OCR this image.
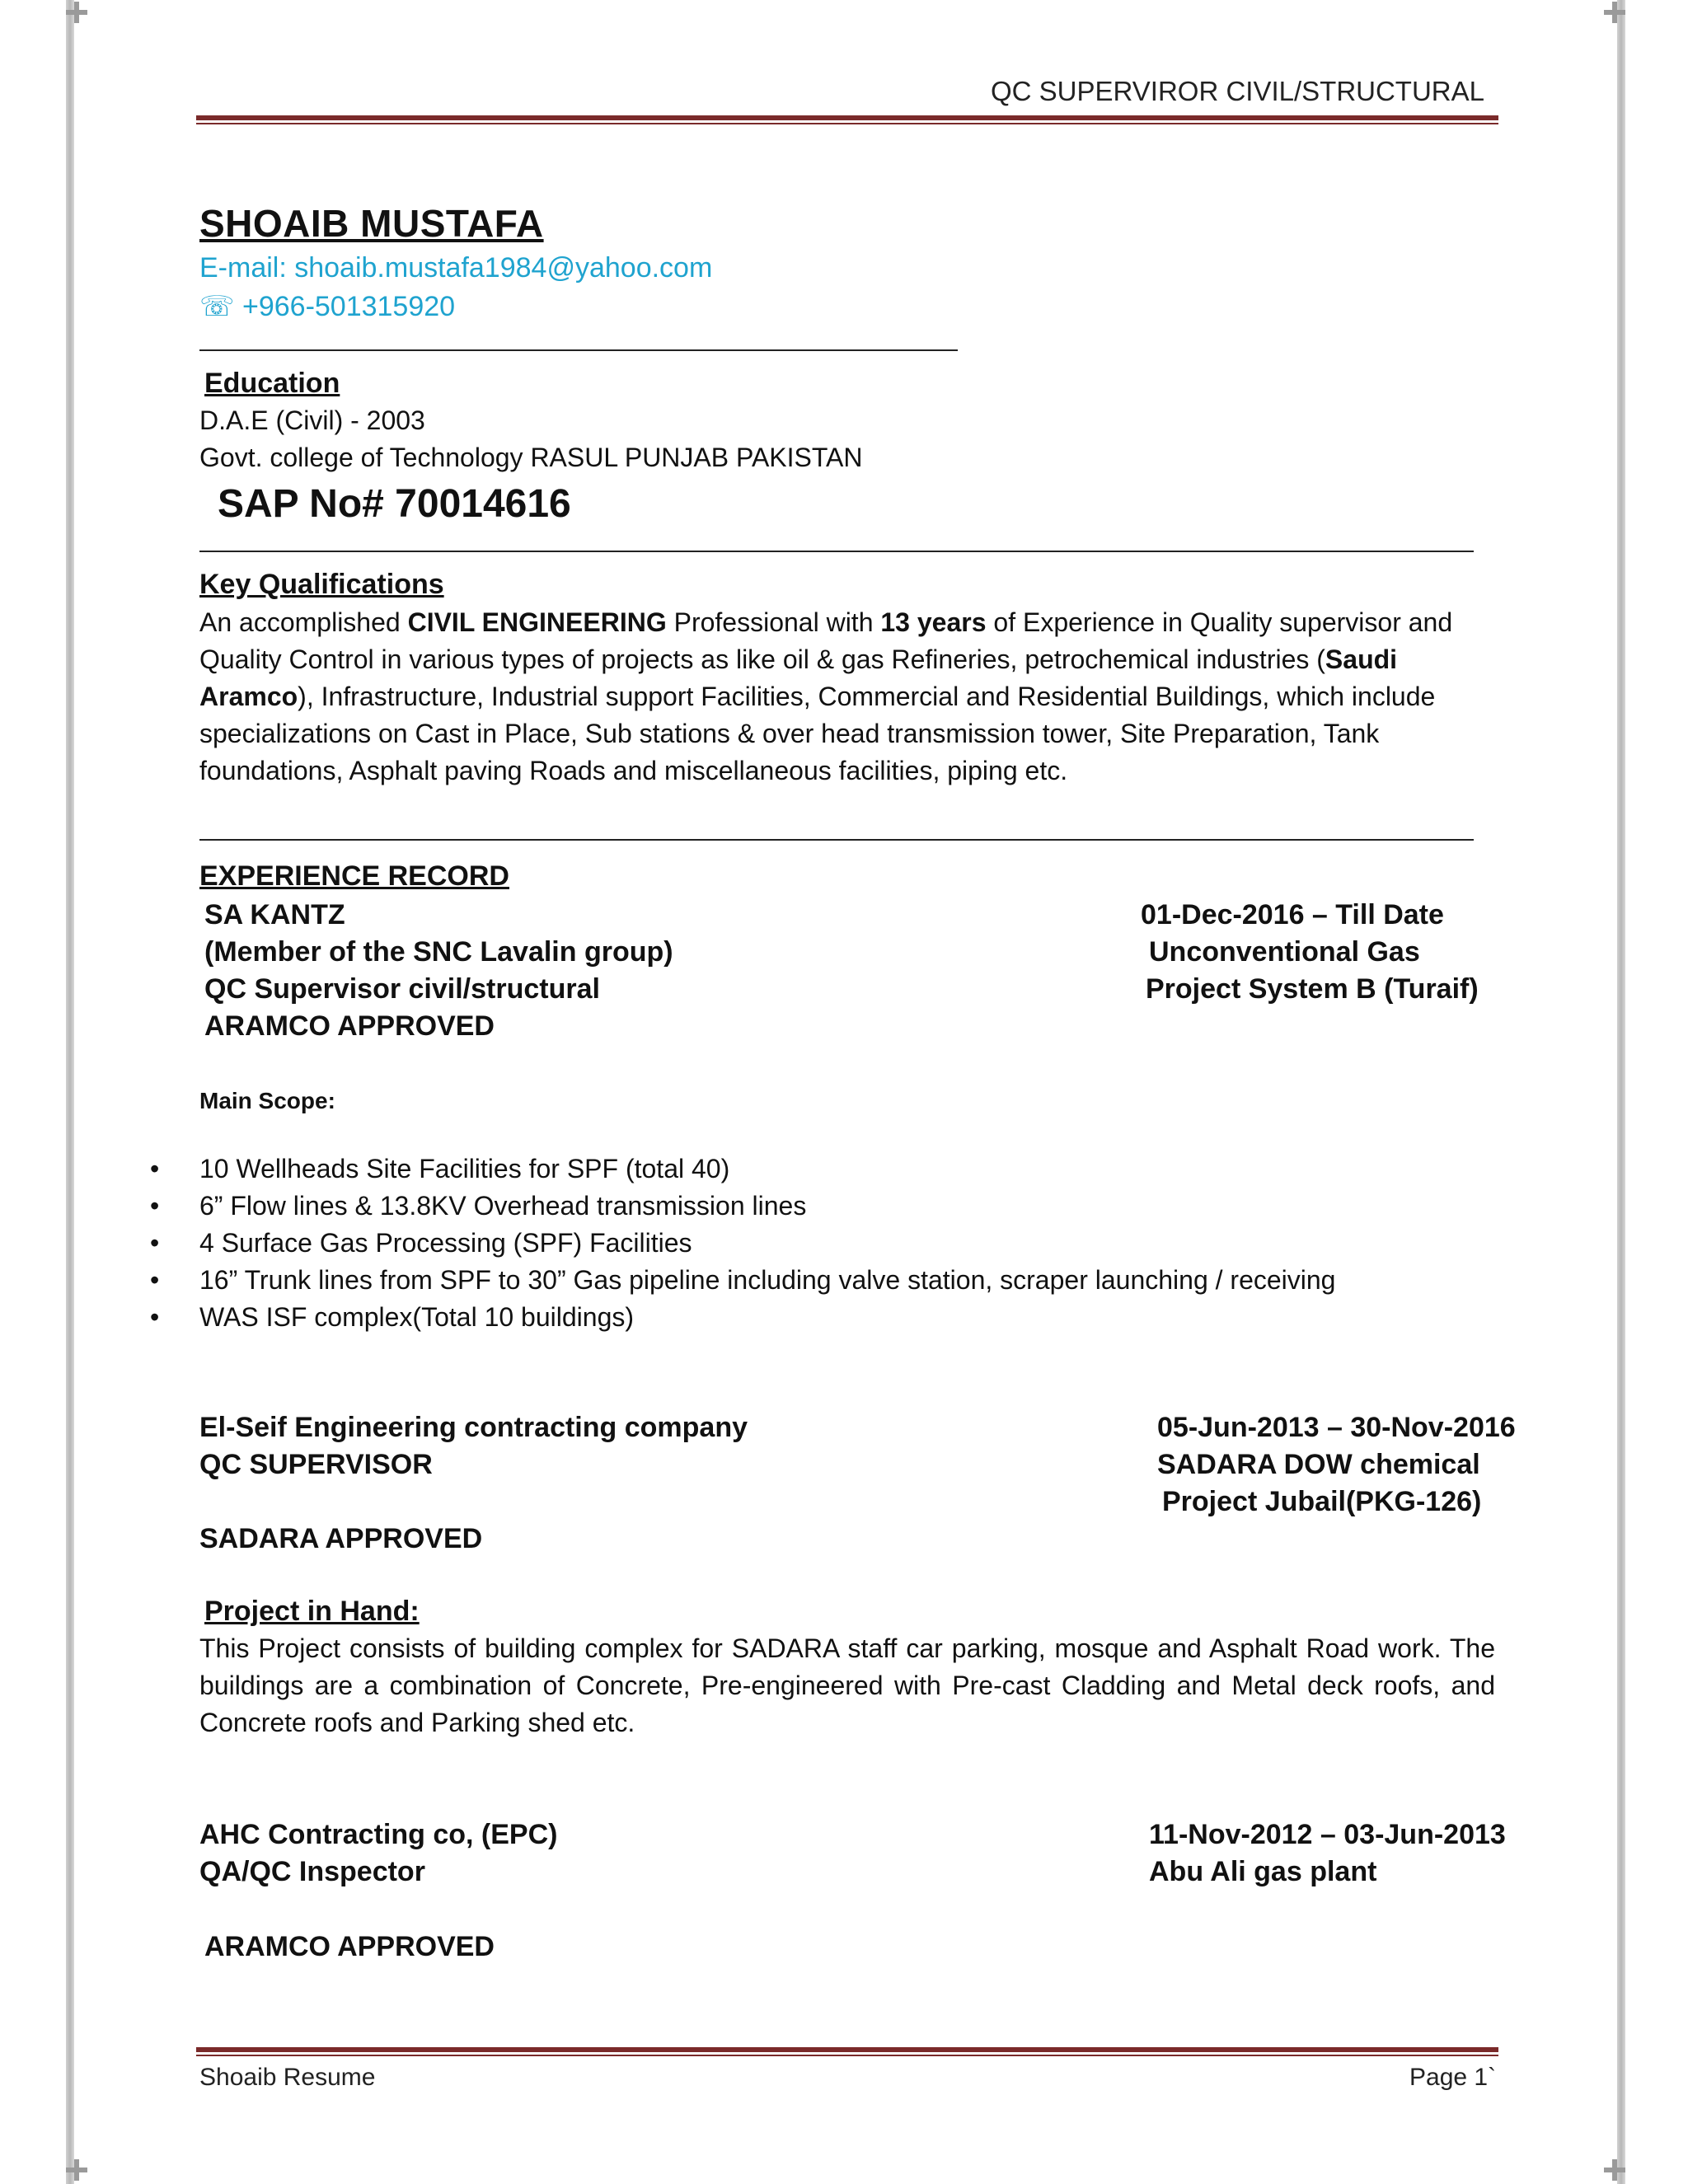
QC SUPERVIROR CIVIL/STRUCTURAL
SHOAIB MUSTAFA
E-mail: shoaib.mustafa1984@yahoo.com
☏ +966-501315920
Education
D.A.E (Civil) - 2003
Govt. college of Technology RASUL PUNJAB PAKISTAN
SAP No# 70014616
Key Qualifications
An accomplished CIVIL ENGINEERING Professional with 13 years of Experience in Quality supervisor and Quality Control in various types of projects as like oil & gas Refineries, petrochemical industries (Saudi Aramco), Infrastructure, Industrial support Facilities, Commercial and Residential Buildings, which include specializations on Cast in Place, Sub stations & over head transmission tower, Site Preparation, Tank foundations, Asphalt paving Roads and miscellaneous facilities, piping etc.
EXPERIENCE RECORD
SA KANTZ
(Member of the SNC Lavalin group)
QC Supervisor civil/structural
ARAMCO APPROVED
01-Dec-2016 – Till Date
Unconventional Gas
Project System B (Turaif)
Main Scope:
• 10 Wellheads Site Facilities for SPF (total 40)
• 6” Flow lines & 13.8KV Overhead transmission lines
• 4 Surface Gas Processing (SPF) Facilities
• 16” Trunk lines from SPF to 30” Gas pipeline including valve station, scraper launching / receiving
• WAS ISF complex(Total 10 buildings)
El-Seif Engineering contracting company
QC SUPERVISOR
05-Jun-2013 – 30-Nov-2016
SADARA DOW chemical
Project Jubail(PKG-126)
SADARA APPROVED
Project in Hand:
This Project consists of building complex for SADARA staff car parking, mosque and Asphalt Road work. The buildings are a combination of Concrete, Pre-engineered with Pre-cast Cladding and Metal deck roofs, and Concrete roofs and Parking shed etc.
AHC Contracting co, (EPC)
QA/QC Inspector
11-Nov-2012 – 03-Jun-2013
Abu Ali gas plant
ARAMCO APPROVED
Shoaib Resume	Page 1`
